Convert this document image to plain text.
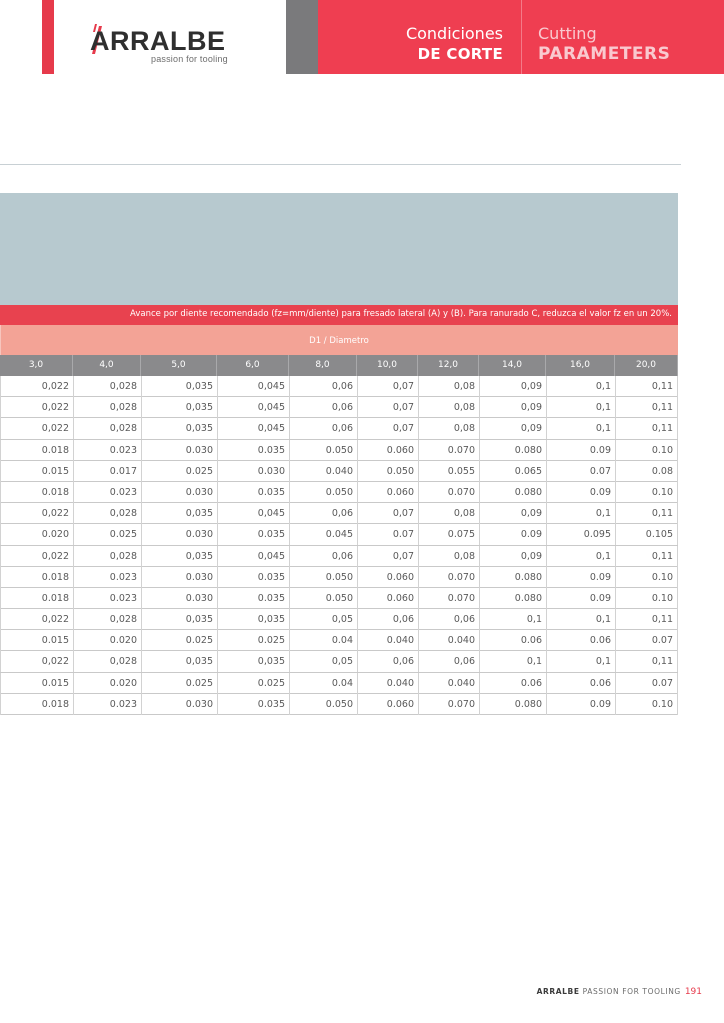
ARRALBE
passion for tooling
Condiciones
DE CORTE
Cutting
PARAMETERS
Avance por diente recomendado (fz=mm/diente) para fresado lateral (A) y (B). Para ranurado C, reduzca el valor fz en un 20%.
D1 / Diametro
3,0	4,0	5,0	6,0	8,0	10,0	12,0	14,0	16,0	20,0
0,022	0,028	0,035	0,045	0,06	0,07	0,08	0,09	0,1	0,11
0,022	0,028	0,035	0,045	0,06	0,07	0,08	0,09	0,1	0,11
0,022	0,028	0,035	0,045	0,06	0,07	0,08	0,09	0,1	0,11
0.018	0.023	0.030	0.035	0.050	0.060	0.070	0.080	0.09	0.10
0.015	0.017	0.025	0.030	0.040	0.050	0.055	0.065	0.07	0.08
0.018	0.023	0.030	0.035	0.050	0.060	0.070	0.080	0.09	0.10
0,022	0,028	0,035	0,045	0,06	0,07	0,08	0,09	0,1	0,11
0.020	0.025	0.030	0.035	0.045	0.07	0.075	0.09	0.095	0.105
0,022	0,028	0,035	0,045	0,06	0,07	0,08	0,09	0,1	0,11
0.018	0.023	0.030	0.035	0.050	0.060	0.070	0.080	0.09	0.10
0.018	0.023	0.030	0.035	0.050	0.060	0.070	0.080	0.09	0.10
0,022	0,028	0,035	0,035	0,05	0,06	0,06	0,1	0,1	0,11
0.015	0.020	0.025	0.025	0.04	0.040	0.040	0.06	0.06	0.07
0,022	0,028	0,035	0,035	0,05	0,06	0,06	0,1	0,1	0,11
0.015	0.020	0.025	0.025	0.04	0.040	0.040	0.06	0.06	0.07
0.018	0.023	0.030	0.035	0.050	0.060	0.070	0.080	0.09	0.10
ARRALBE PASSION FOR TOOLING 191
